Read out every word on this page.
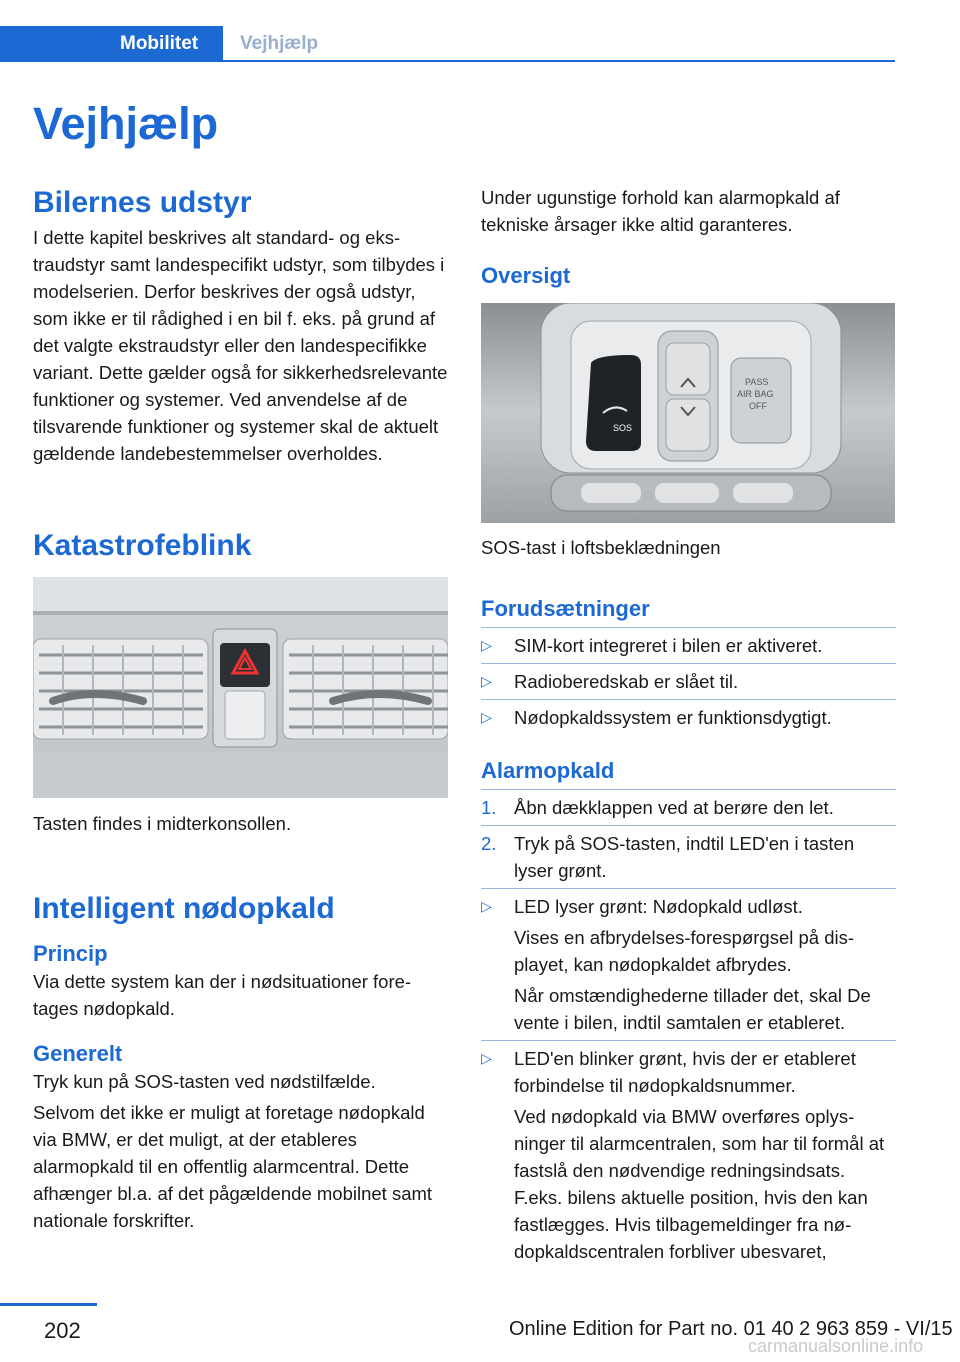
Mobilitet	Vejhjælp
Vejhjælp
Bilernes udstyr

I dette kapitel beskrives alt standard- og ekstraudstyr samt landespecifikt udstyr, som tilbydes i modelserien. Derfor beskrives der også udstyr, som ikke er til rådighed i en bil f. eks. på grund af det valgte ekstraudstyr eller den landespecifikke variant. Dette gælder også for sikkerhedsrelevante funktioner og systemer. Ved anvendelse af de tilsvarende funktioner og systemer skal de aktuelt gældende landebestemmelser overholdes.

Katastrofeblink
Tasten findes i midterkonsollen.
Intelligent nødopkald
Princip

Via dette system kan der i nødsituationer foretages nødopkald.

Generelt

Tryk kun på SOS-tasten ved nødstilfælde.

Selvom det ikke er muligt at foretage nødopkald via BMW, er det muligt, at der etableres alarmopkald til en offentlig alarmcentral. Dette afhænger bl.a. af det pågældende mobilnet samt nationale forskrifter.

Under ugunstige forhold kan alarmopkald af tekniske årsager ikke altid garanteres.

Oversigt
SOS
PASS
AIR BAG
OFF
SOS-tast i loftsbeklædningen
Forudsætninger
▷ SIM-kort integreret i bilen er aktiveret.
▷ Radioberedskab er slået til.
▷ Nødopkaldssystem er funktionsdygtigt.
Alarmopkald
1. Åbn dækklappen ved at berøre den let.
2. Tryk på SOS-tasten, indtil LED'en i tasten lyser grønt.
▷ LED lyser grønt: Nødopkald udløst.
Vises en afbrydelses-forespørgsel på displayet, kan nødopkaldet afbrydes.
Når omstændighederne tillader det, skal De vente i bilen, indtil samtalen er etableret.
▷ LED'en blinker grønt, hvis der er etableret forbindelse til nødopkaldsnummer.
Ved nødopkald via BMW overføres oplysninger til alarmcentralen, som har til formål at fastslå den nødvendige redningsindsats. F.eks. bilens aktuelle position, hvis den kan fastlægges. Hvis tilbagemeldinger fra nødopkaldscentralen forbliver ubesvaret,
202	Online Edition for Part no. 01 40 2 963 859 - VI/15
carmanualsonline.info
